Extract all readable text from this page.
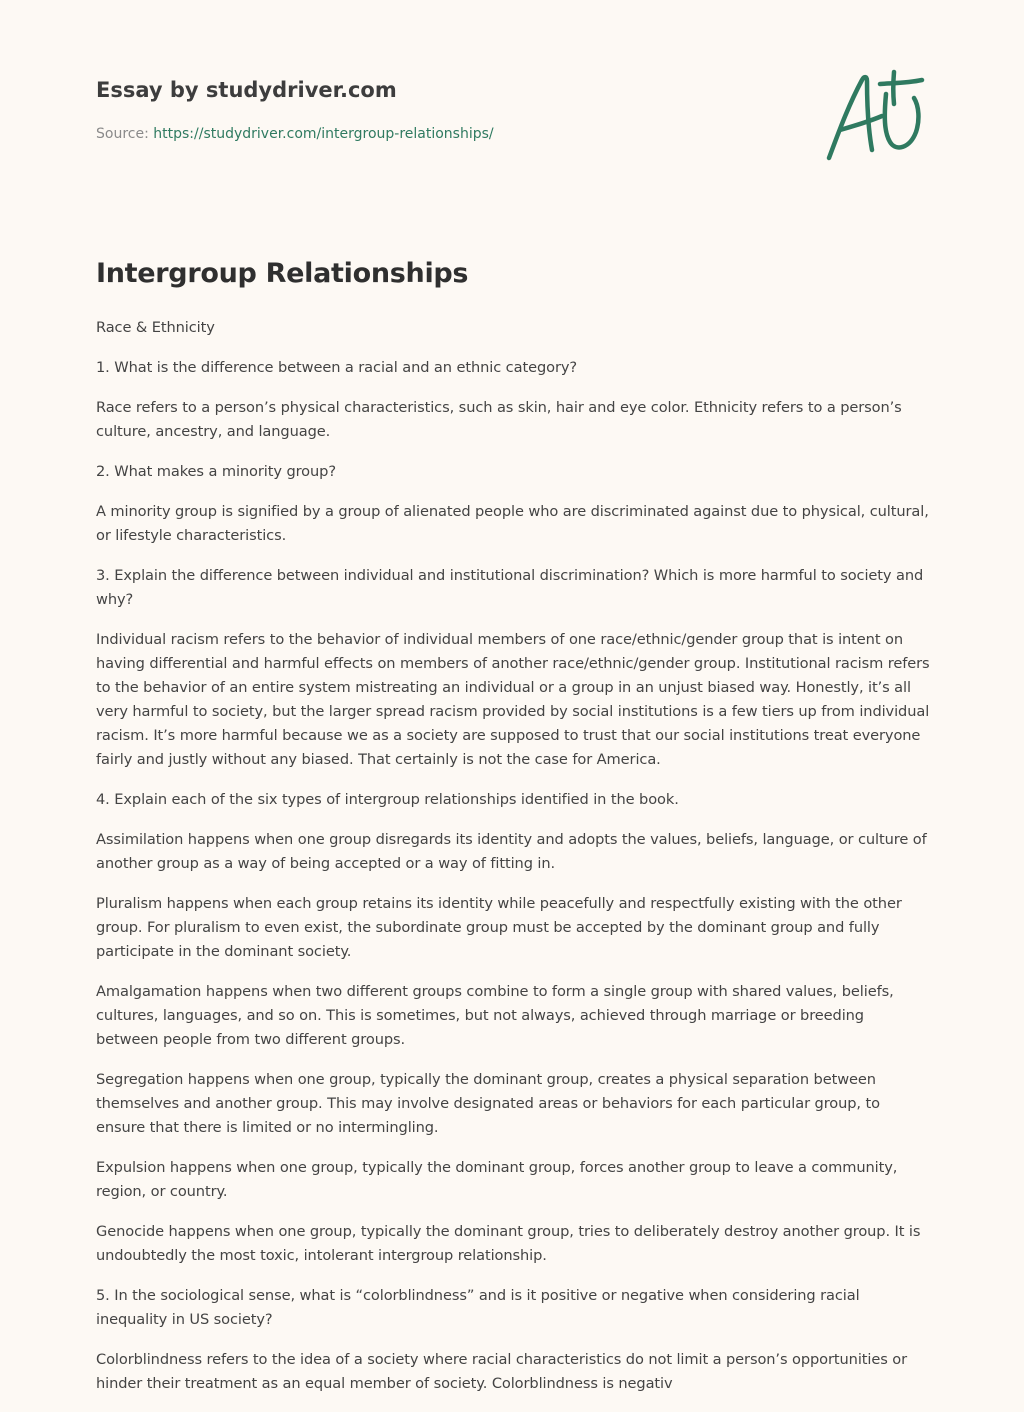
Essay by studydriver.com
Source: https://studydriver.com/intergroup-relationships/
Intergroup Relationships

Race & Ethnicity

1. What is the difference between a racial and an ethnic category?

Race refers to a person’s physical characteristics, such as skin, hair and eye color. Ethnicity refers to a person’s culture, ancestry, and language.

2. What makes a minority group?

A minority group is signified by a group of alienated people who are discriminated against due to physical, cultural, or lifestyle characteristics.

3. Explain the difference between individual and institutional discrimination? Which is more harmful to society and why?

Individual racism refers to the behavior of individual members of one race/ethnic/gender group that is intent on having differential and harmful effects on members of another race/ethnic/gender group. Institutional racism refers to the behavior of an entire system mistreating an individual or a group in an unjust biased way. Honestly, it’s all very harmful to society, but the larger spread racism provided by social institutions is a few tiers up from individual racism. It’s more harmful because we as a society are supposed to trust that our social institutions treat everyone fairly and justly without any biased. That certainly is not the case for America.

4. Explain each of the six types of intergroup relationships identified in the book.

Assimilation happens when one group disregards its identity and adopts the values, beliefs, language, or culture of another group as a way of being accepted or a way of fitting in.

Pluralism happens when each group retains its identity while peacefully and respectfully existing with the other group. For pluralism to even exist, the subordinate group must be accepted by the dominant group and fully participate in the dominant society.

Amalgamation happens when two different groups combine to form a single group with shared values, beliefs, cultures, languages, and so on. This is sometimes, but not always, achieved through marriage or breeding between people from two different groups.

Segregation happens when one group, typically the dominant group, creates a physical separation between themselves and another group. This may involve designated areas or behaviors for each particular group, to ensure that there is limited or no intermingling.

Expulsion happens when one group, typically the dominant group, forces another group to leave a community, region, or country.

Genocide happens when one group, typically the dominant group, tries to deliberately destroy another group. It is undoubtedly the most toxic, intolerant intergroup relationship.

5. In the sociological sense, what is “colorblindness” and is it positive or negative when considering racial inequality in US society?

Colorblindness refers to the idea of a society where racial characteristics do not limit a person’s opportunities or hinder their treatment as an equal member of society. Colorblindness is negativ
